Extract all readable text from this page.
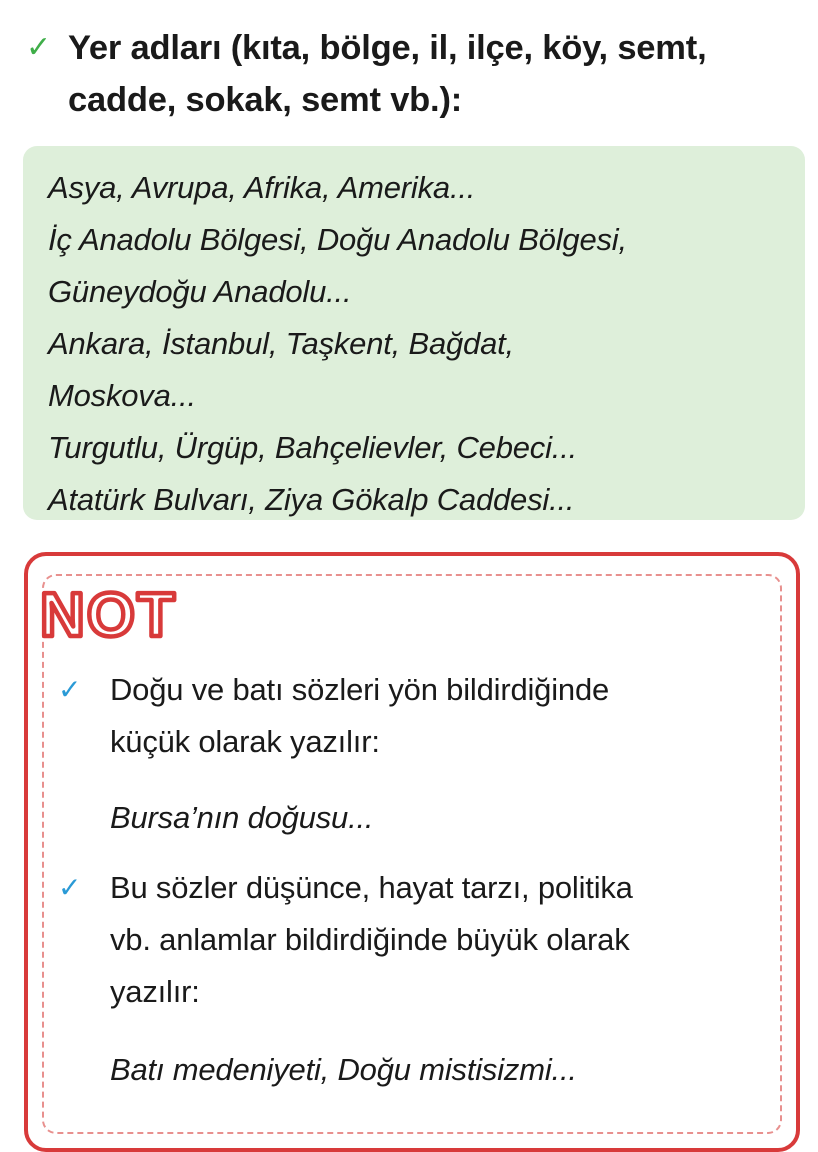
✓ Yer adları (kıta, bölge, il, ilçe, köy, semt,
cadde, sokak, semt vb.):
Asya, Avrupa, Afrika, Amerika...
İç Anadolu Bölgesi, Doğu Anadolu Bölgesi,
Güneydoğu Anadolu...
Ankara, İstanbul, Taşkent, Bağdat,
Moskova...
Turgutlu, Ürgüp, Bahçelievler, Cebeci...
Atatürk Bulvarı, Ziya Gökalp Caddesi...
NOT
✓ Doğu ve batı sözleri yön bildirdiğinde
küçük olarak yazılır:
Bursa’nın doğusu...
✓ Bu sözler düşünce, hayat tarzı, politika
vb. anlamlar bildirdiğinde büyük olarak
yazılır:
Batı medeniyeti, Doğu mistisizmi...
